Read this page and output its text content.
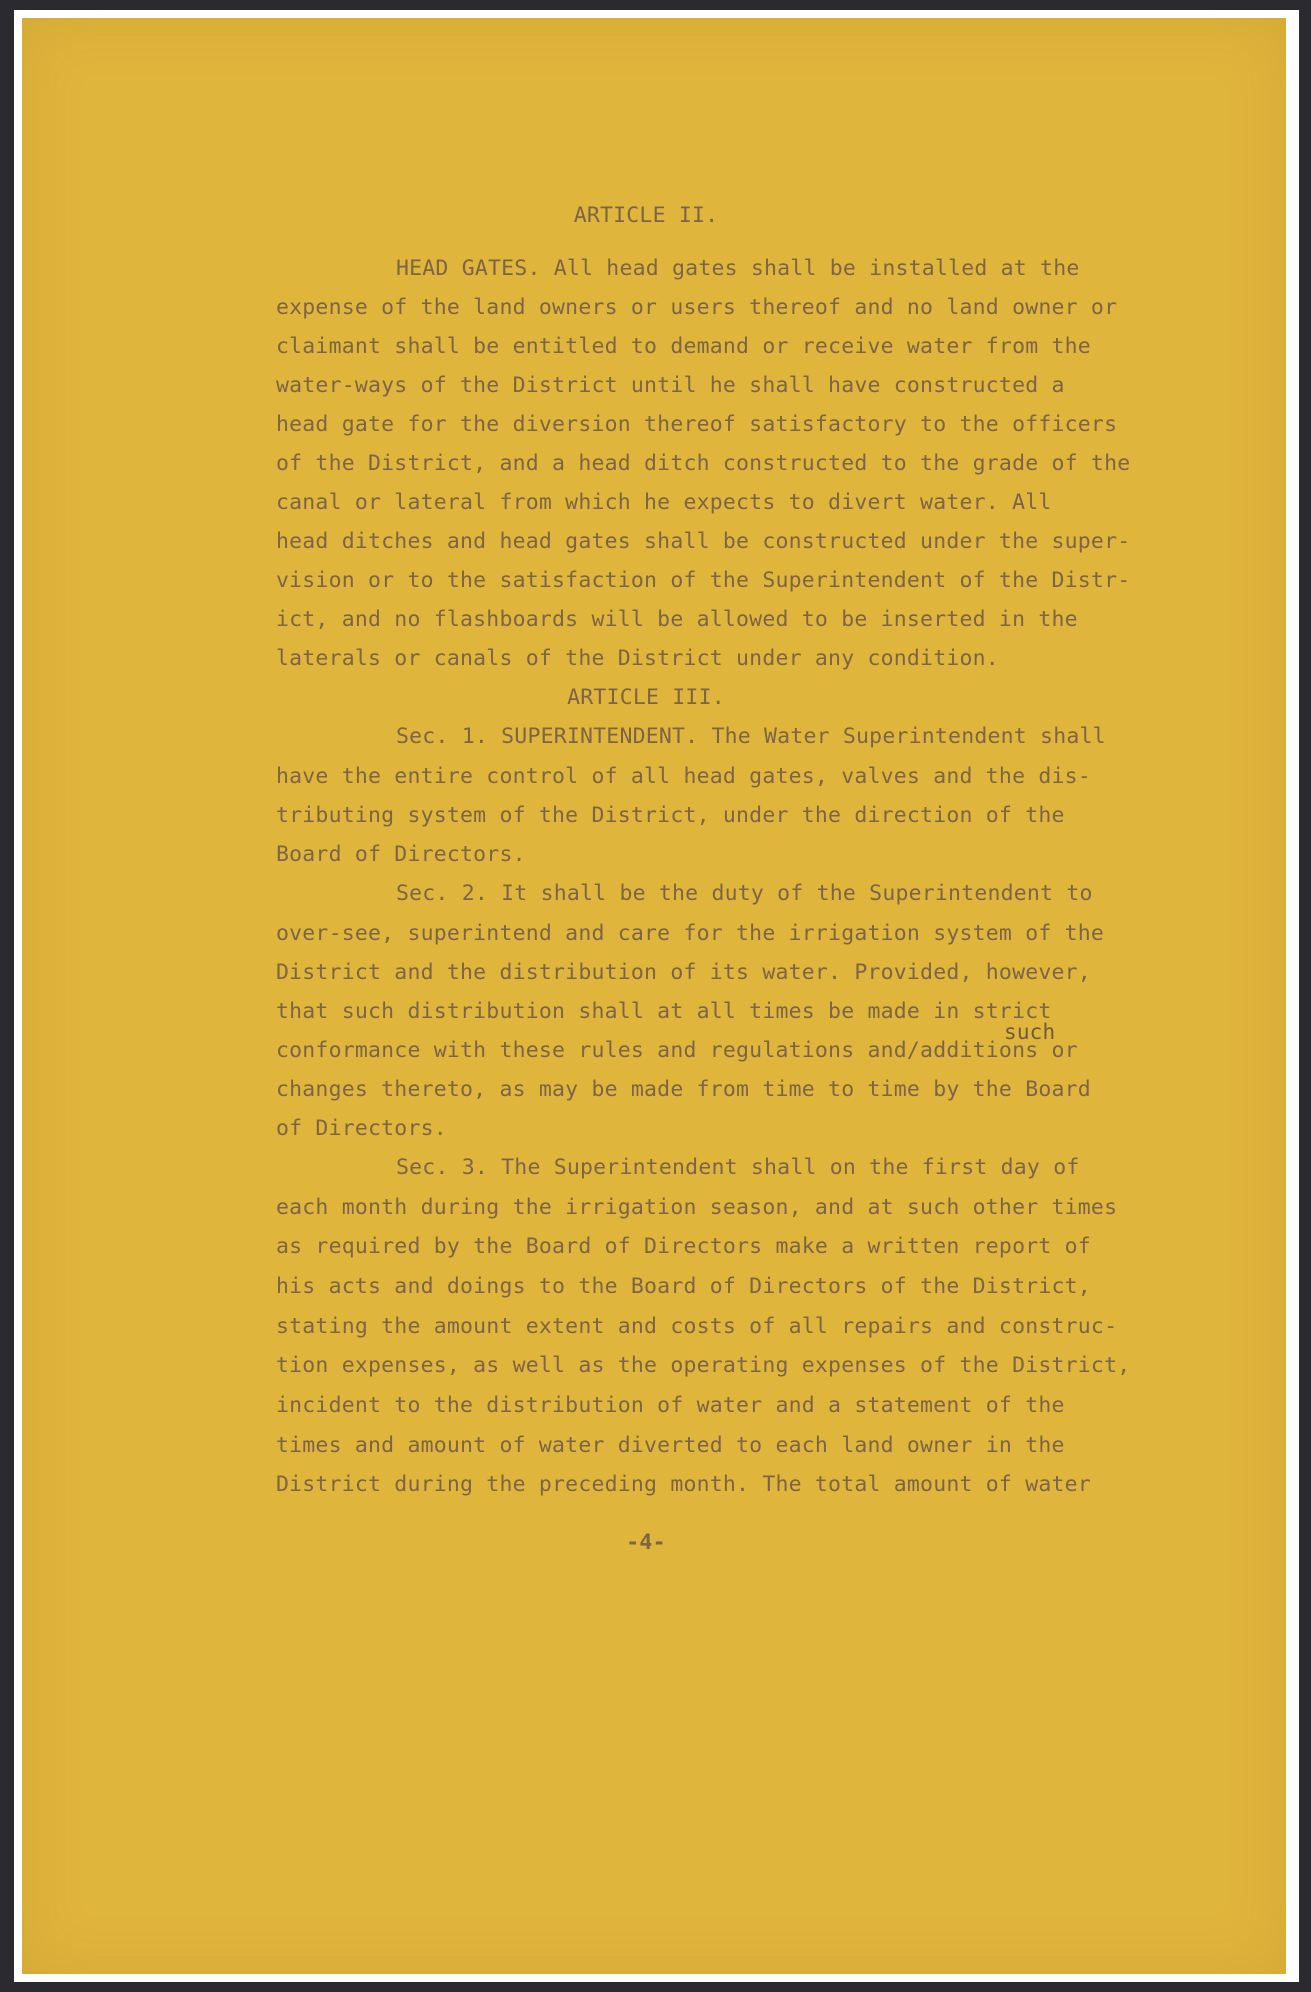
ARTICLE II.
HEAD GATES. All head gates shall be installed at the
expense of the land owners or users thereof and no land owner or
claimant shall be entitled to demand or receive water from the
water-ways of the District until he shall have constructed a
head gate for the diversion thereof satisfactory to the officers
of the District, and a head ditch constructed to the grade of the
canal or lateral from which he expects to divert water. All
head ditches and head gates shall be constructed under the super-
vision or to the satisfaction of the Superintendent of the Distr-
ict, and no flashboards will be allowed to be inserted in the
laterals or canals of the District under any condition.
ARTICLE III.
Sec. 1. SUPERINTENDENT. The Water Superintendent shall
have the entire control of all head gates, valves and the dis-
tributing system of the District, under the direction of the
Board of Directors.
Sec. 2. It shall be the duty of the Superintendent to
over-see, superintend and care for the irrigation system of the
District and the distribution of its water. Provided, however,
that such distribution shall at all times be made in strict
such
conformance with these rules and regulations and/additions or
changes thereto, as may be made from time to time by the Board
of Directors.
Sec. 3. The Superintendent shall on the first day of
each month during the irrigation season, and at such other times
as required by the Board of Directors make a written report of
his acts and doings to the Board of Directors of the District,
stating the amount extent and costs of all repairs and construc-
tion expenses, as well as the operating expenses of the District,
incident to the distribution of water and a statement of the
times and amount of water diverted to each land owner in the
District during the preceding month. The total amount of water
-4-
